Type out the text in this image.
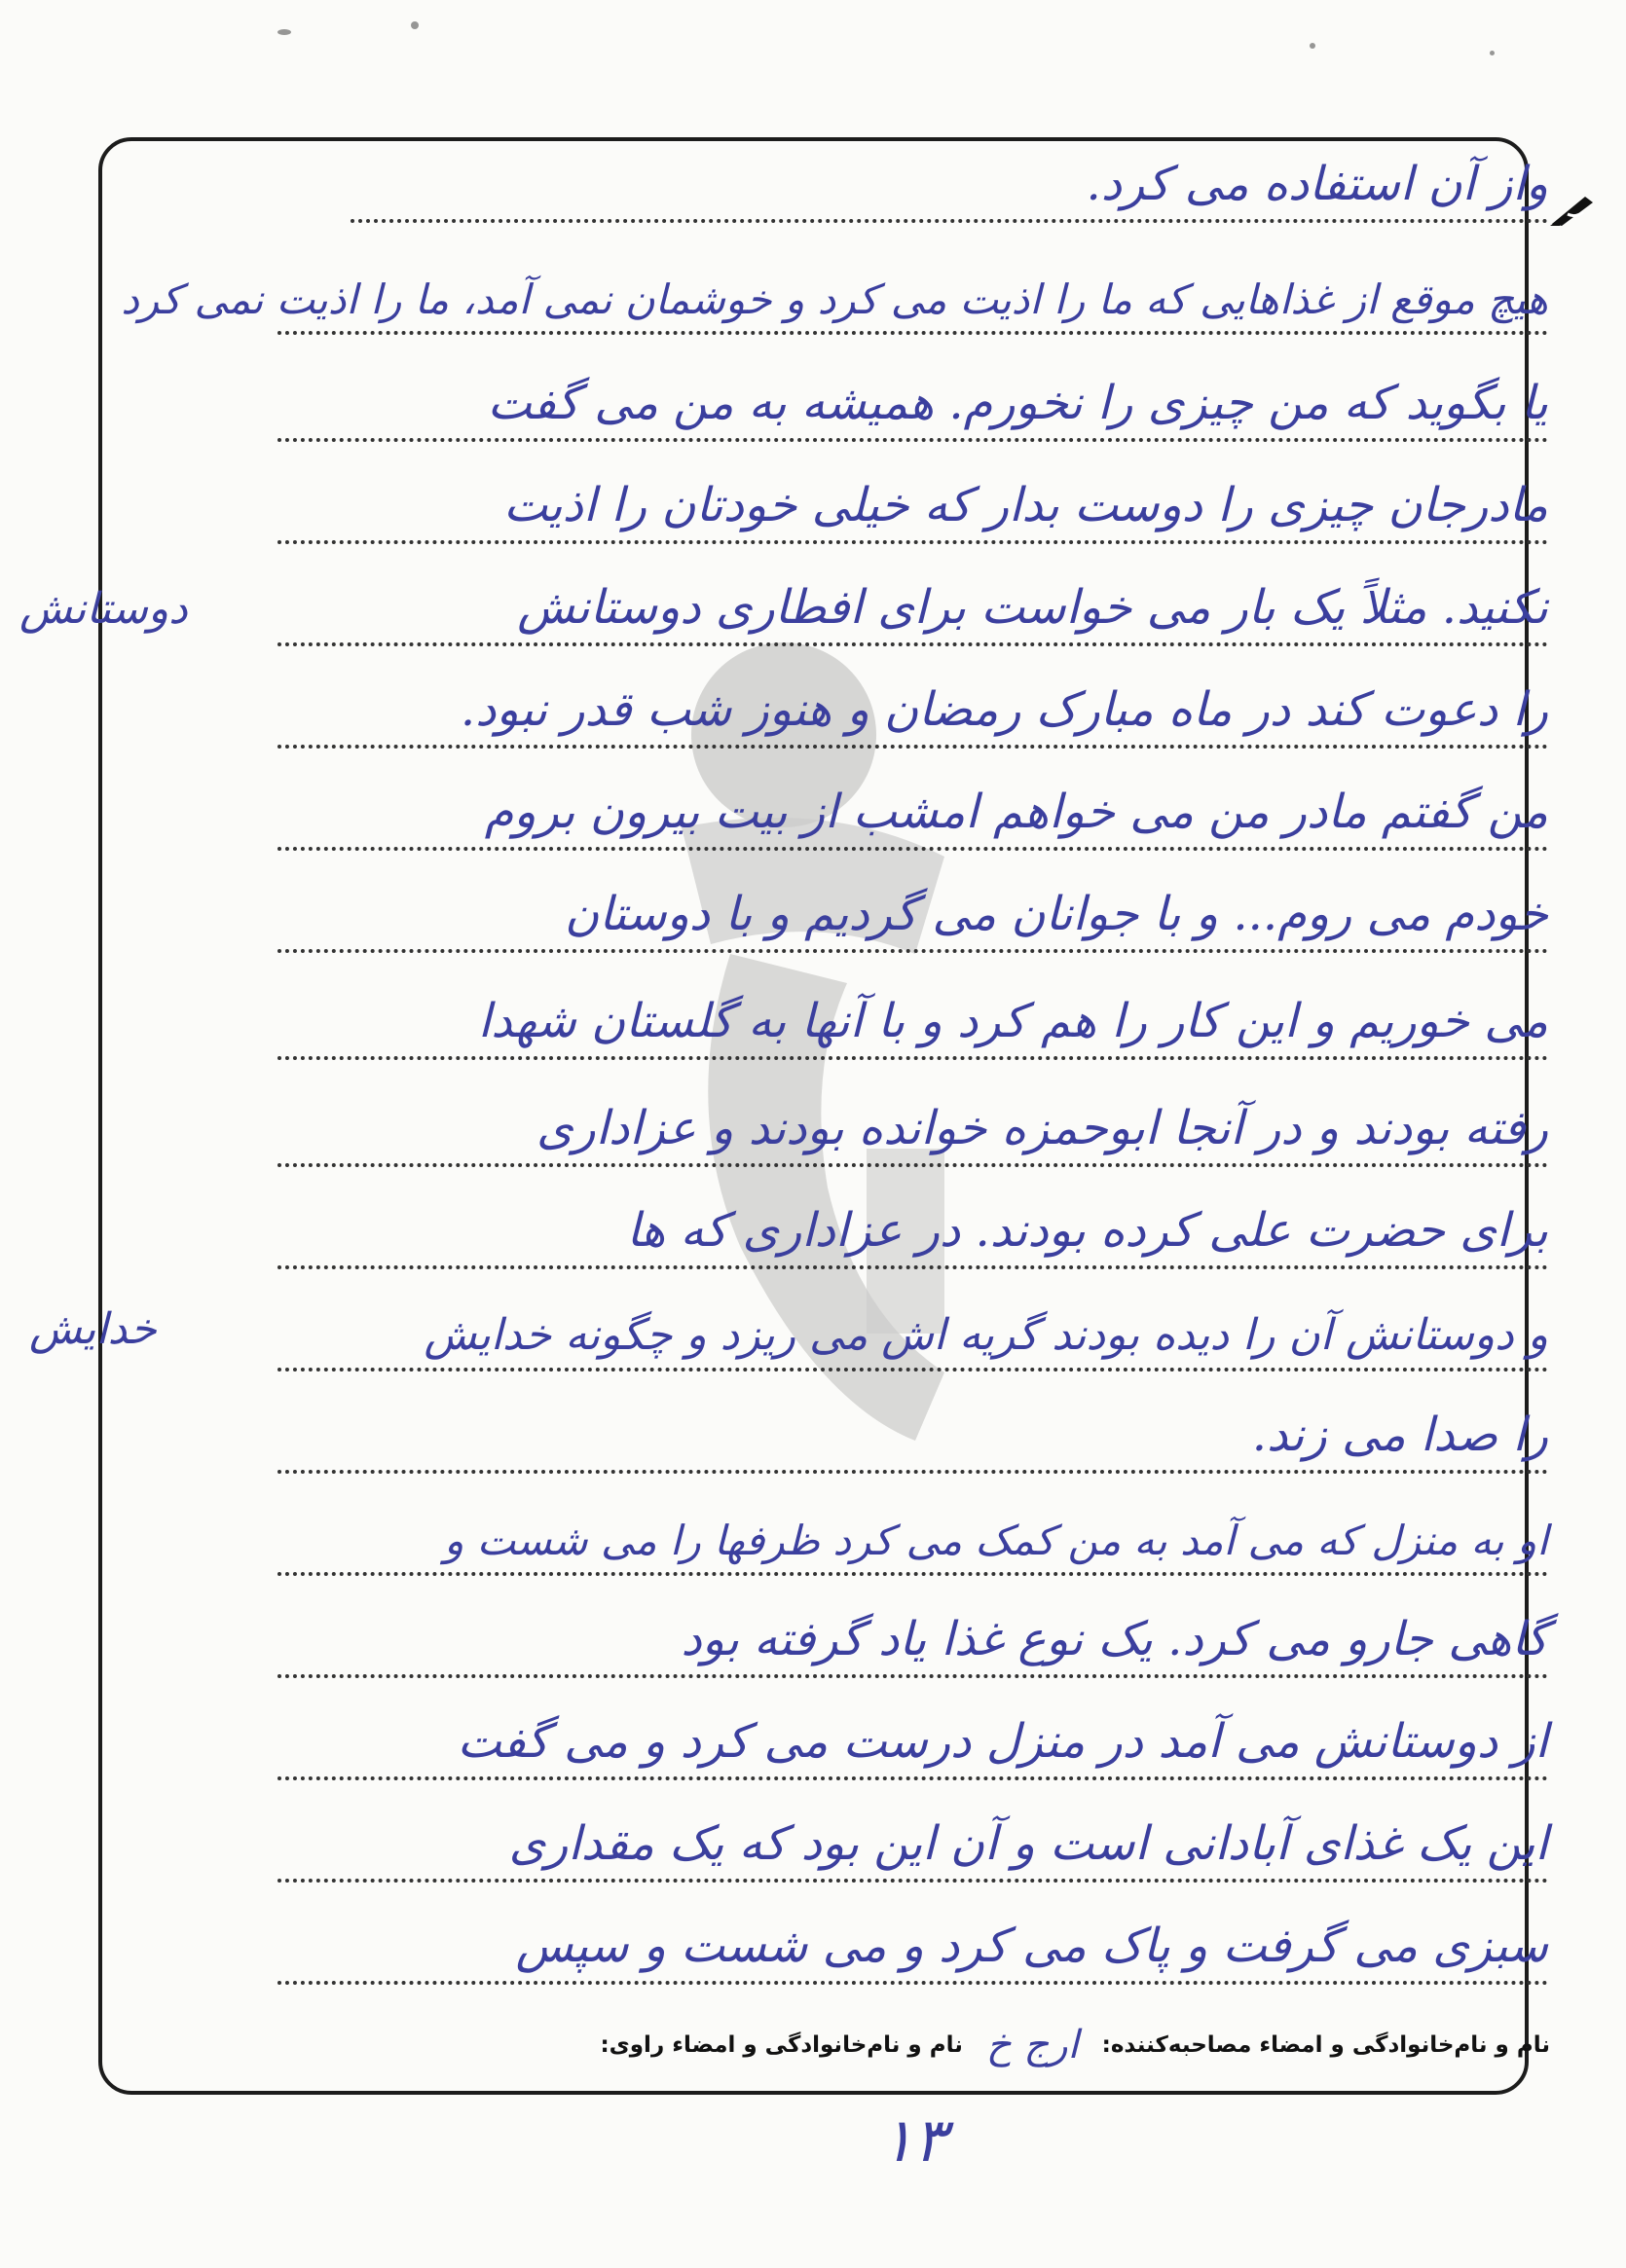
واز آن استفاده می کرد.
هیچ موقع از غذاهایی که ما را اذیت می کرد و خوشمان نمی آمد، ما را اذیت نمی کرد
یا بگوید که من چیزی را نخورم. همیشه به من می گفت
مادرجان چیزی را دوست بدار که خیلی خودتان را اذیت
نکنید. مثلاً یک بار می خواست برای افطاری دوستانش
را دعوت کند در ماه مبارک رمضان و هنوز شب قدر نبود.
من گفتم مادر من می خواهم امشب از بیت بیرون بروم
خودم می روم... و با جوانان می گردیم و با دوستان
می خوریم و این کار را هم کرد و با آنها به گلستان شهدا
رفته بودند و در آنجا ابوحمزه خوانده بودند و عزاداری
برای حضرت علی کرده بودند. در عزاداری که ها
و دوستانش آن را دیده بودند گریه اش می ریزد و چگونه خدایش
را صدا می زند.
او به منزل که می آمد به من کمک می کرد ظرفها را می شست و
گاهی جارو می کرد. یک نوع غذا یاد گرفته بود
از دوستانش می آمد در منزل درست می کرد و می گفت
این یک غذای آبادانی است و آن این بود که یک مقداری
سبزی می گرفت و پاک می کرد و می شست و سپس
دوستانش
خدایش
نام و نام‌خانوادگی و امضاء مصاحبه‌کننده:
ارج خ
نام و نام‌خانوادگی و امضاء راوی:
۱۳
